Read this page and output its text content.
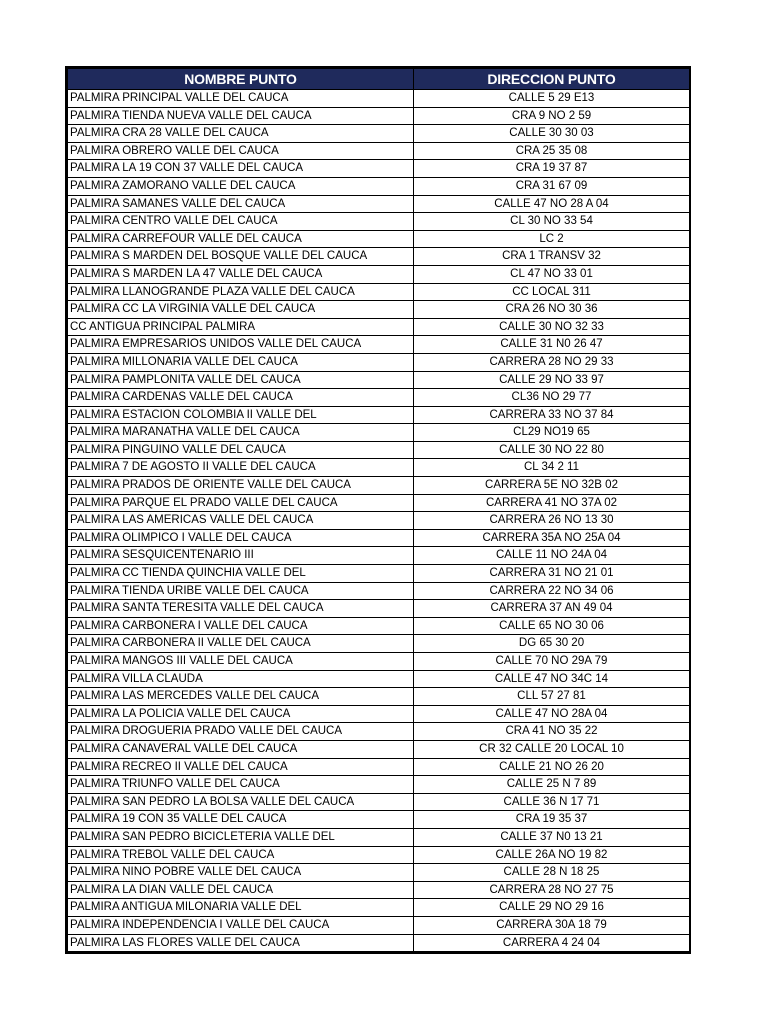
NOMBRE PUNTO	DIRECCION PUNTO
PALMIRA PRINCIPAL VALLE DEL CAUCA	CALLE 5 29 E13
PALMIRA TIENDA NUEVA VALLE DEL CAUCA	CRA 9 NO 2 59
PALMIRA CRA 28 VALLE DEL CAUCA	CALLE 30 30 03
PALMIRA OBRERO VALLE DEL CAUCA	CRA 25 35 08
PALMIRA LA 19 CON 37 VALLE DEL CAUCA	CRA 19 37 87
PALMIRA ZAMORANO VALLE DEL CAUCA	CRA 31 67 09
PALMIRA SAMANES VALLE DEL CAUCA	CALLE 47 NO 28 A 04
PALMIRA CENTRO VALLE DEL CAUCA	CL 30 NO 33 54
PALMIRA CARREFOUR VALLE DEL CAUCA	LC 2
PALMIRA S MARDEN DEL BOSQUE VALLE DEL CAUCA	CRA 1 TRANSV 32
PALMIRA S MARDEN LA 47 VALLE DEL CAUCA	CL 47 NO 33 01
PALMIRA LLANOGRANDE PLAZA VALLE DEL CAUCA	CC LOCAL 311
PALMIRA CC LA VIRGINIA VALLE DEL CAUCA	CRA 26 NO 30 36
CC ANTIGUA PRINCIPAL PALMIRA	CALLE 30 NO 32 33
PALMIRA EMPRESARIOS UNIDOS VALLE DEL CAUCA	CALLE 31 N0 26 47
PALMIRA MILLONARIA VALLE DEL CAUCA	CARRERA 28 NO 29 33
PALMIRA PAMPLONITA VALLE DEL CAUCA	CALLE 29 NO 33 97
PALMIRA CARDENAS VALLE DEL CAUCA	CL36 NO 29 77
PALMIRA ESTACION COLOMBIA II VALLE DEL	CARRERA 33 NO 37 84
PALMIRA MARANATHA VALLE DEL CAUCA	CL29 NO19 65
PALMIRA PINGUINO VALLE DEL CAUCA	CALLE 30 NO 22 80
PALMIRA 7 DE AGOSTO II VALLE DEL CAUCA	CL 34 2 11
PALMIRA PRADOS DE ORIENTE VALLE DEL CAUCA	CARRERA 5E NO 32B 02
PALMIRA PARQUE EL PRADO VALLE DEL CAUCA	CARRERA 41 NO 37A 02
PALMIRA LAS AMERICAS VALLE DEL CAUCA	CARRERA 26 NO 13 30
PALMIRA OLIMPICO I VALLE DEL CAUCA	CARRERA 35A NO 25A 04
PALMIRA SESQUICENTENARIO III	CALLE 11 NO 24A 04
PALMIRA CC TIENDA QUINCHIA VALLE DEL	CARRERA 31 NO 21 01
PALMIRA TIENDA URIBE VALLE DEL CAUCA	CARRERA 22 NO 34 06
PALMIRA SANTA TERESITA VALLE DEL CAUCA	CARRERA 37 AN 49 04
PALMIRA CARBONERA I VALLE DEL CAUCA	CALLE 65 NO 30 06
PALMIRA CARBONERA II VALLE DEL CAUCA	DG 65 30 20
PALMIRA MANGOS III VALLE DEL CAUCA	CALLE 70 NO 29A 79
PALMIRA VILLA CLAUDA	CALLE 47 NO 34C 14
PALMIRA LAS MERCEDES VALLE DEL CAUCA	CLL 57 27 81
PALMIRA LA POLICIA VALLE DEL CAUCA	CALLE 47 NO 28A 04
PALMIRA DROGUERIA PRADO VALLE DEL CAUCA	CRA 41 NO 35 22
PALMIRA CANAVERAL VALLE DEL CAUCA	CR 32 CALLE 20 LOCAL 10
PALMIRA RECREO II VALLE DEL CAUCA	CALLE 21 NO 26 20
PALMIRA TRIUNFO VALLE DEL CAUCA	CALLE 25 N 7 89
PALMIRA SAN PEDRO LA BOLSA VALLE DEL CAUCA	CALLE 36 N 17 71
PALMIRA 19 CON 35 VALLE DEL CAUCA	CRA 19 35 37
PALMIRA SAN PEDRO BICICLETERIA VALLE DEL	CALLE 37 N0 13 21
PALMIRA TREBOL VALLE DEL CAUCA	CALLE 26A NO 19 82
PALMIRA NINO POBRE VALLE DEL CAUCA	CALLE 28 N 18 25
PALMIRA LA DIAN VALLE DEL CAUCA	CARRERA 28 NO 27 75
PALMIRA ANTIGUA MILONARIA VALLE DEL	CALLE 29 NO 29 16
PALMIRA INDEPENDENCIA I VALLE DEL CAUCA	CARRERA 30A 18 79
PALMIRA LAS FLORES VALLE DEL CAUCA	CARRERA 4 24 04
